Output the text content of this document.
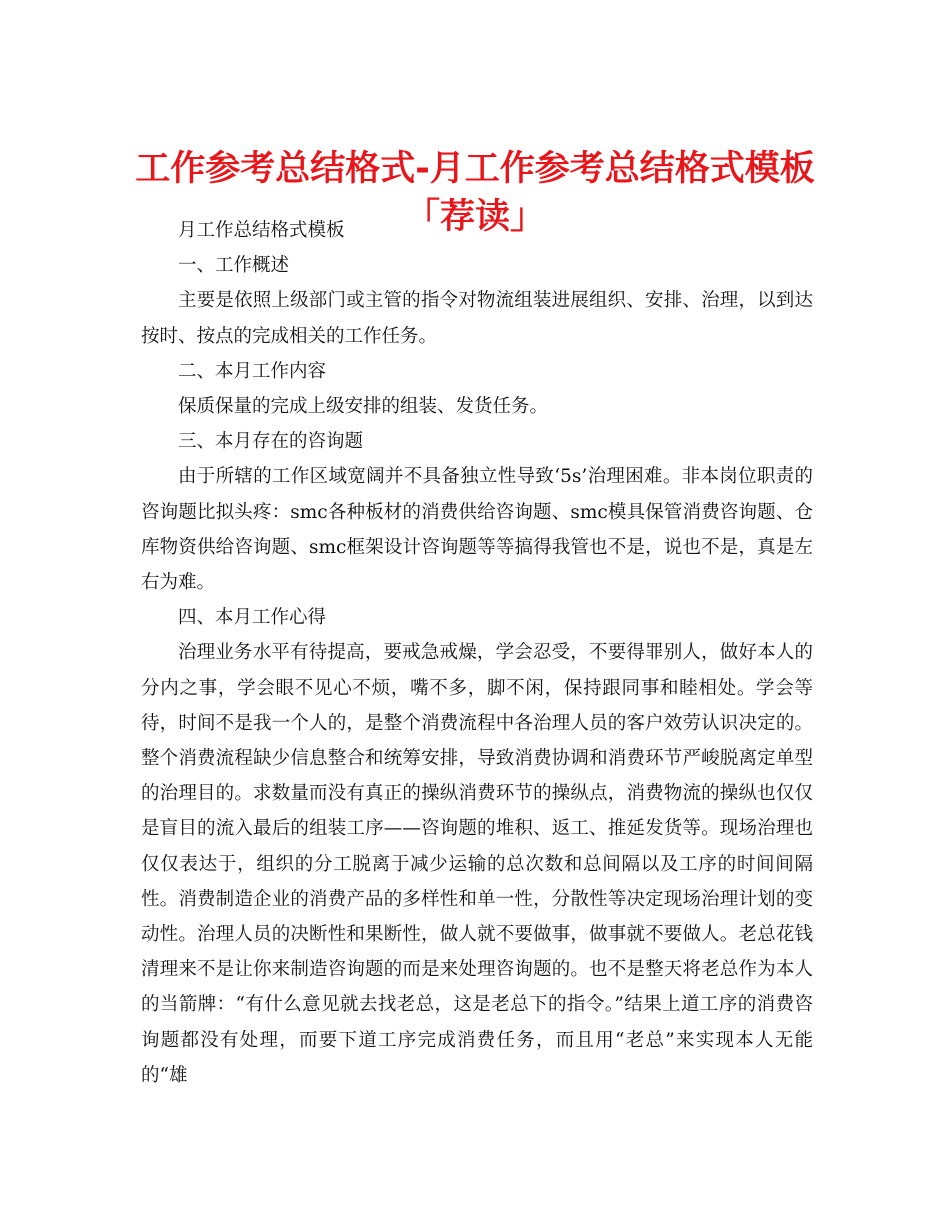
工作参考总结格式-月工作参考总结格式模板「荐读」

月工作总结格式模板

一、工作概述

主要是依照上级部门或主管的指令对物流组装进展组织、安排、治理，以到达按时、按点的完成相关的工作任务。

二、本月工作内容

保质保量的完成上级安排的组装、发货任务。

三、本月存在的咨询题

由于所辖的工作区域宽阔并不具备独立性导致‘5s’治理困难。非本岗位职责的咨询题比拟头疼：smc各种板材的消费供给咨询题、smc模具保管消费咨询题、仓库物资供给咨询题、smc框架设计咨询题等等搞得我管也不是，说也不是，真是左右为难。

四、本月工作心得

治理业务水平有待提高，要戒急戒燥，学会忍受，不要得罪别人，做好本人的分内之事，学会眼不见心不烦，嘴不多，脚不闲，保持跟同事和睦相处。学会等待，时间不是我一个人的，是整个消费流程中各治理人员的客户效劳认识决定的。整个消费流程缺少信息整合和统筹安排，导致消费协调和消费环节严峻脱离定单型的治理目的。求数量而没有真正的操纵消费环节的操纵点，消费物流的操纵也仅仅是盲目的流入最后的组装工序——咨询题的堆积、返工、推延发货等。现场治理也仅仅表达于，组织的分工脱离于减少运输的总次数和总间隔以及工序的时间间隔性。消费制造企业的消费产品的多样性和单一性，分散性等决定现场治理计划的变动性。治理人员的决断性和果断性，做人就不要做事，做事就不要做人。老总花钱清理来不是让你来制造咨询题的而是来处理咨询题的。也不是整天将老总作为本人的当箭牌：“有什么意见就去找老总，这是老总下的指令。”结果上道工序的消费咨询题都没有处理，而要下道工序完成消费任务，而且用“老总”来实现本人无能的“雄
